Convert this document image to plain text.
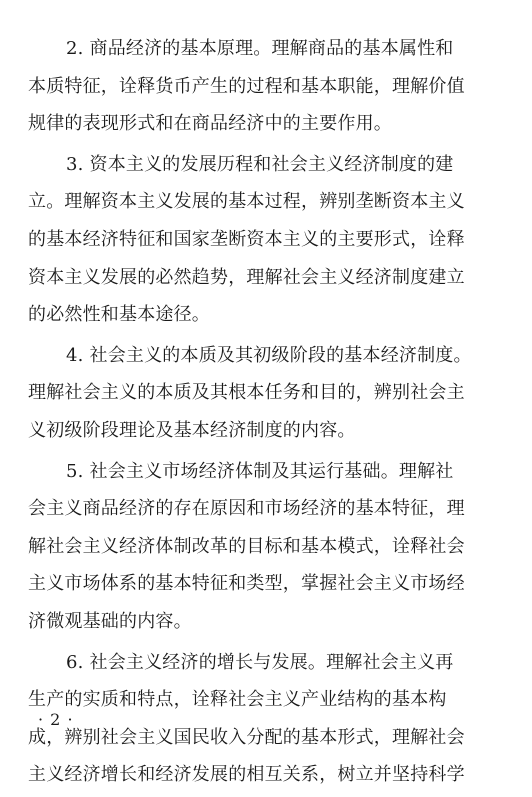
2. 商品经济的基本原理。理解商品的基本属性和
本质特征，诠释货币产生的过程和基本职能，理解价值
规律的表现形式和在商品经济中的主要作用。

3. 资本主义的发展历程和社会主义经济制度的建
立。理解资本主义发展的基本过程，辨别垄断资本主义
的基本经济特征和国家垄断资本主义的主要形式，诠释
资本主义发展的必然趋势，理解社会主义经济制度建立
的必然性和基本途径。

4. 社会主义的本质及其初级阶段的基本经济制度。
理解社会主义的本质及其根本任务和目的，辨别社会主
义初级阶段理论及基本经济制度的内容。

5. 社会主义市场经济体制及其运行基础。理解社
会主义商品经济的存在原因和市场经济的基本特征，理
解社会主义经济体制改革的目标和基本模式，诠释社会
主义市场体系的基本特征和类型，掌握社会主义市场经
济微观基础的内容。

6. 社会主义经济的增长与发展。理解社会主义再
生产的实质和特点，诠释社会主义产业结构的基本构
成，辨别社会主义国民收入分配的基本形式，理解社会
主义经济增长和经济发展的相互关系，树立并坚持科学

· 2 ·
